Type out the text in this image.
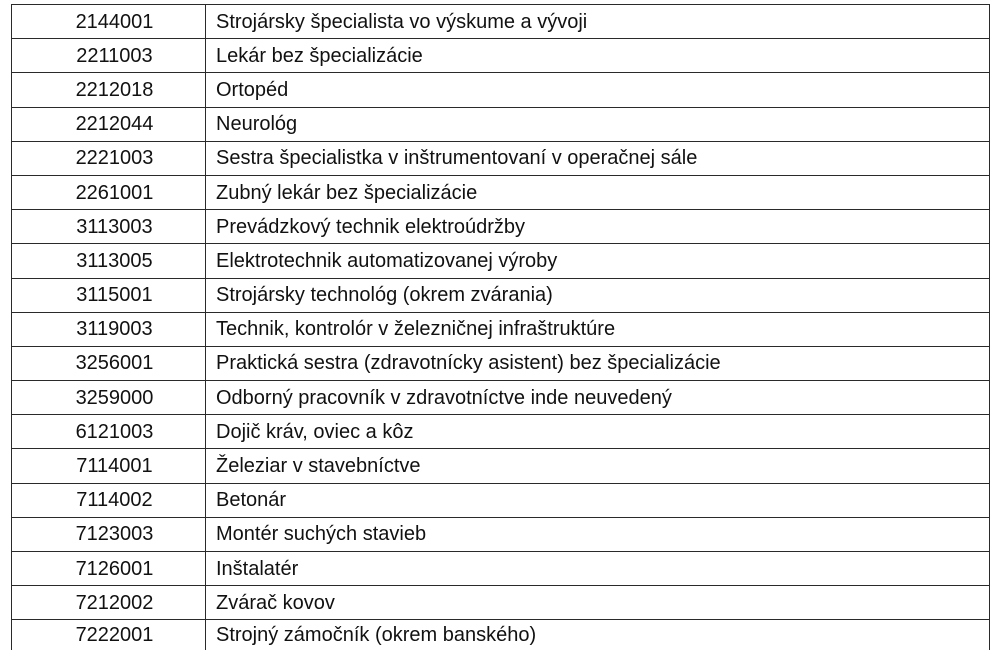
2144001	Strojársky špecialista vo výskume a vývoji
2211003	Lekár bez špecializácie
2212018	Ortopéd
2212044	Neurológ
2221003	Sestra špecialistka v inštrumentovaní v operačnej sále
2261001	Zubný lekár bez špecializácie
3113003	Prevádzkový technik elektroúdržby
3113005	Elektrotechnik automatizovanej výroby
3115001	Strojársky technológ (okrem zvárania)
3119003	Technik, kontrolór v železničnej infraštruktúre
3256001	Praktická sestra (zdravotnícky asistent) bez špecializácie
3259000	Odborný pracovník v zdravotníctve inde neuvedený
6121003	Dojič kráv, oviec a kôz
7114001	Železiar v stavebníctve
7114002	Betonár
7123003	Montér suchých stavieb
7126001	Inštalatér
7212002	Zvárač kovov
7222001	Strojný zámočník (okrem banského)
